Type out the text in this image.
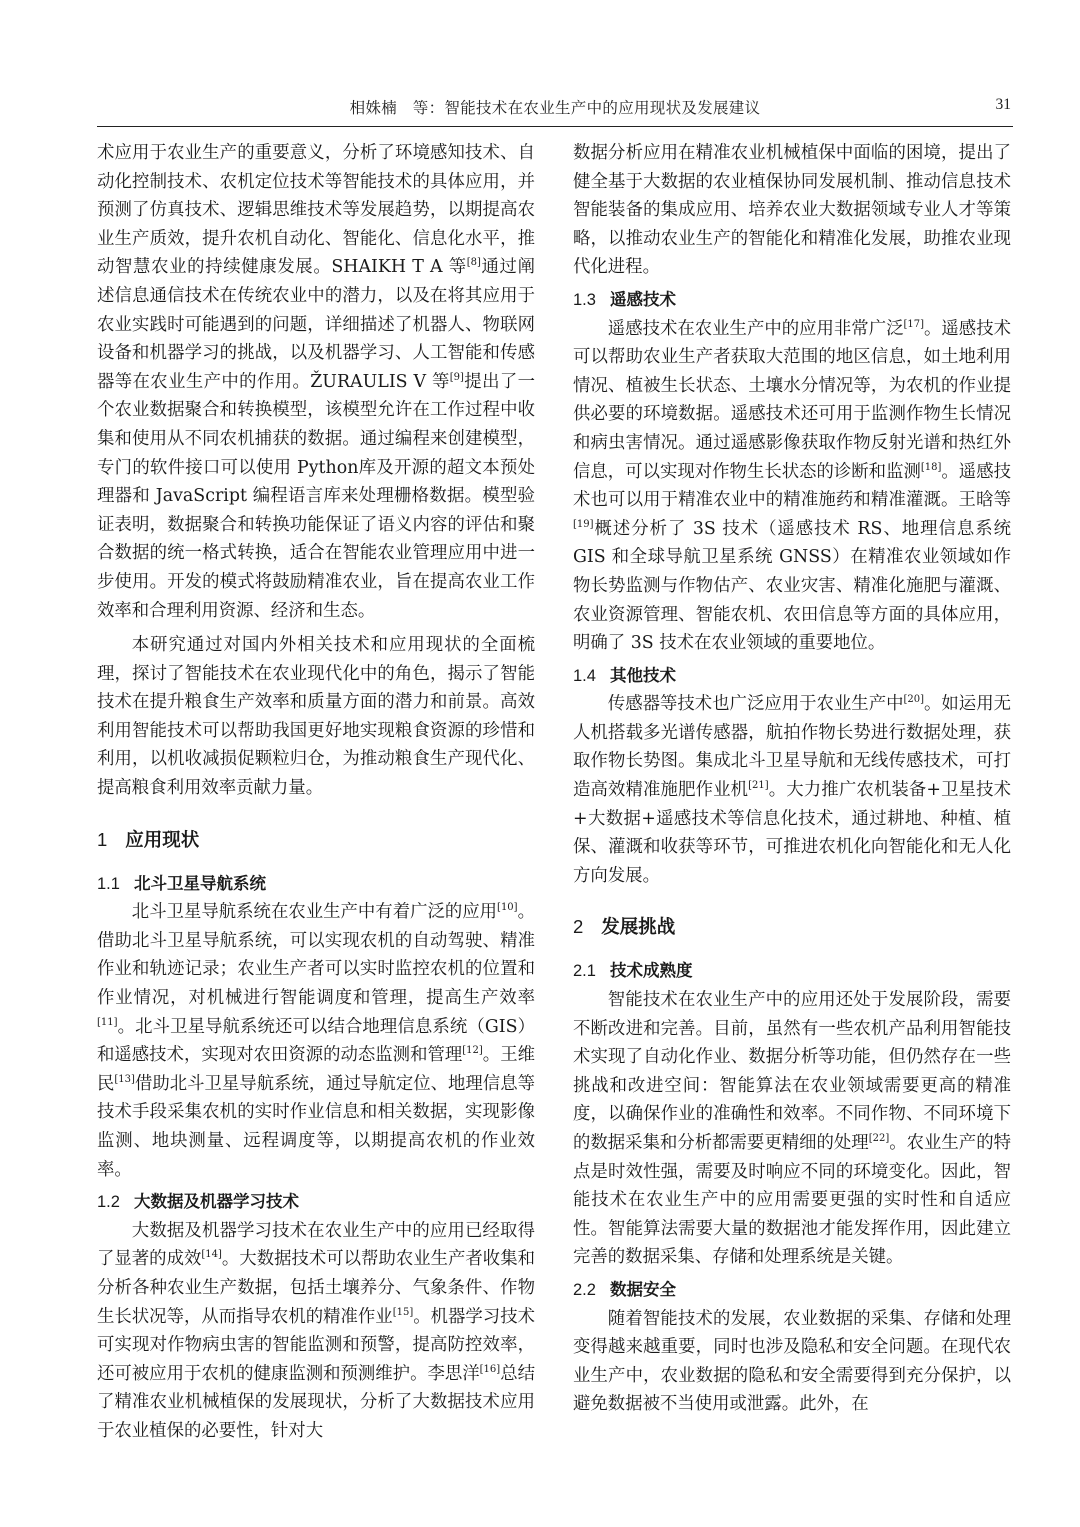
相姝楠　等：智能技术在农业生产中的应用现状及发展建议	31

术应用于农业生产的重要意义，分析了环境感知技术、自动化控制技术、农机定位技术等智能技术的具体应用，并预测了仿真技术、逻辑思维技术等发展趋势，以期提高农业生产质效，提升农机自动化、智能化、信息化水平，推动智慧农业的持续健康发展。SHAIKH T A 等[8]通过阐述信息通信技术在传统农业中的潜力，以及在将其应用于农业实践时可能遇到的问题，详细描述了机器人、物联网设备和机器学习的挑战，以及机器学习、人工智能和传感器等在农业生产中的作用。ŽURAULIS V 等[9]提出了一个农业数据聚合和转换模型，该模型允许在工作过程中收集和使用从不同农机捕获的数据。通过编程来创建模型，专门的软件接口可以使用 Python库及开源的超文本预处理器和 JavaScript 编程语言库来处理栅格数据。模型验证表明，数据聚合和转换功能保证了语义内容的评估和聚合数据的统一格式转换，适合在智能农业管理应用中进一步使用。开发的模式将鼓励精准农业，旨在提高农业工作效率和合理利用资源、经济和生态。

本研究通过对国内外相关技术和应用现状的全面梳理，探讨了智能技术在农业现代化中的角色，揭示了智能技术在提升粮食生产效率和质量方面的潜力和前景。高效利用智能技术可以帮助我国更好地实现粮食资源的珍惜和利用，以机收减损促颗粒归仓，为推动粮食生产现代化、提高粮食利用效率贡献力量。

1 应用现状
1.1 北斗卫星导航系统

北斗卫星导航系统在农业生产中有着广泛的应用[10]。借助北斗卫星导航系统，可以实现农机的自动驾驶、精准作业和轨迹记录；农业生产者可以实时监控农机的位置和作业情况，对机械进行智能调度和管理，提高生产效率[11]。北斗卫星导航系统还可以结合地理信息系统（GIS）和遥感技术，实现对农田资源的动态监测和管理[12]。王维民[13]借助北斗卫星导航系统，通过导航定位、地理信息等技术手段采集农机的实时作业信息和相关数据，实现影像监测、地块测量、远程调度等，以期提高农机的作业效率。

1.2 大数据及机器学习技术

大数据及机器学习技术在农业生产中的应用已经取得了显著的成效[14]。大数据技术可以帮助农业生产者收集和分析各种农业生产数据，包括土壤养分、气象条件、作物生长状况等，从而指导农机的精准作业[15]。机器学习技术可实现对作物病虫害的智能监测和预警，提高防控效率，还可被应用于农机的健康监测和预测维护。李思洋[16]总结了精准农业机械植保的发展现状，分析了大数据技术应用于农业植保的必要性，针对大

数据分析应用在精准农业机械植保中面临的困境，提出了健全基于大数据的农业植保协同发展机制、推动信息技术智能装备的集成应用、培养农业大数据领域专业人才等策略，以推动农业生产的智能化和精准化发展，助推农业现代化进程。

1.3 遥感技术

遥感技术在农业生产中的应用非常广泛[17]。遥感技术可以帮助农业生产者获取大范围的地区信息，如土地利用情况、植被生长状态、土壤水分情况等，为农机的作业提供必要的环境数据。遥感技术还可用于监测作物生长情况和病虫害情况。通过遥感影像获取作物反射光谱和热红外信息，可以实现对作物生长状态的诊断和监测[18]。遥感技术也可以用于精准农业中的精准施药和精准灌溉。王晗等[19]概述分析了 3S 技术（遥感技术 RS、地理信息系统 GIS 和全球导航卫星系统 GNSS）在精准农业领域如作物长势监测与作物估产、农业灾害、精准化施肥与灌溉、农业资源管理、智能农机、农田信息等方面的具体应用，明确了 3S 技术在农业领域的重要地位。

1.4 其他技术

传感器等技术也广泛应用于农业生产中[20]。如运用无人机搭载多光谱传感器，航拍作物长势进行数据处理，获取作物长势图。集成北斗卫星导航和无线传感技术，可打造高效精准施肥作业机[21]。大力推广农机装备+卫星技术+大数据+遥感技术等信息化技术，通过耕地、种植、植保、灌溉和收获等环节，可推进农机化向智能化和无人化方向发展。

2 发展挑战
2.1 技术成熟度

智能技术在农业生产中的应用还处于发展阶段，需要不断改进和完善。目前，虽然有一些农机产品利用智能技术实现了自动化作业、数据分析等功能，但仍然存在一些挑战和改进空间：智能算法在农业领域需要更高的精准度，以确保作业的准确性和效率。不同作物、不同环境下的数据采集和分析都需要更精细的处理[22]。农业生产的特点是时效性强，需要及时响应不同的环境变化。因此，智能技术在农业生产中的应用需要更强的实时性和自适应性。智能算法需要大量的数据池才能发挥作用，因此建立完善的数据采集、存储和处理系统是关键。

2.2 数据安全

随着智能技术的发展，农业数据的采集、存储和处理变得越来越重要，同时也涉及隐私和安全问题。在现代农业生产中，农业数据的隐私和安全需要得到充分保护，以避免数据被不当使用或泄露。此外，在
